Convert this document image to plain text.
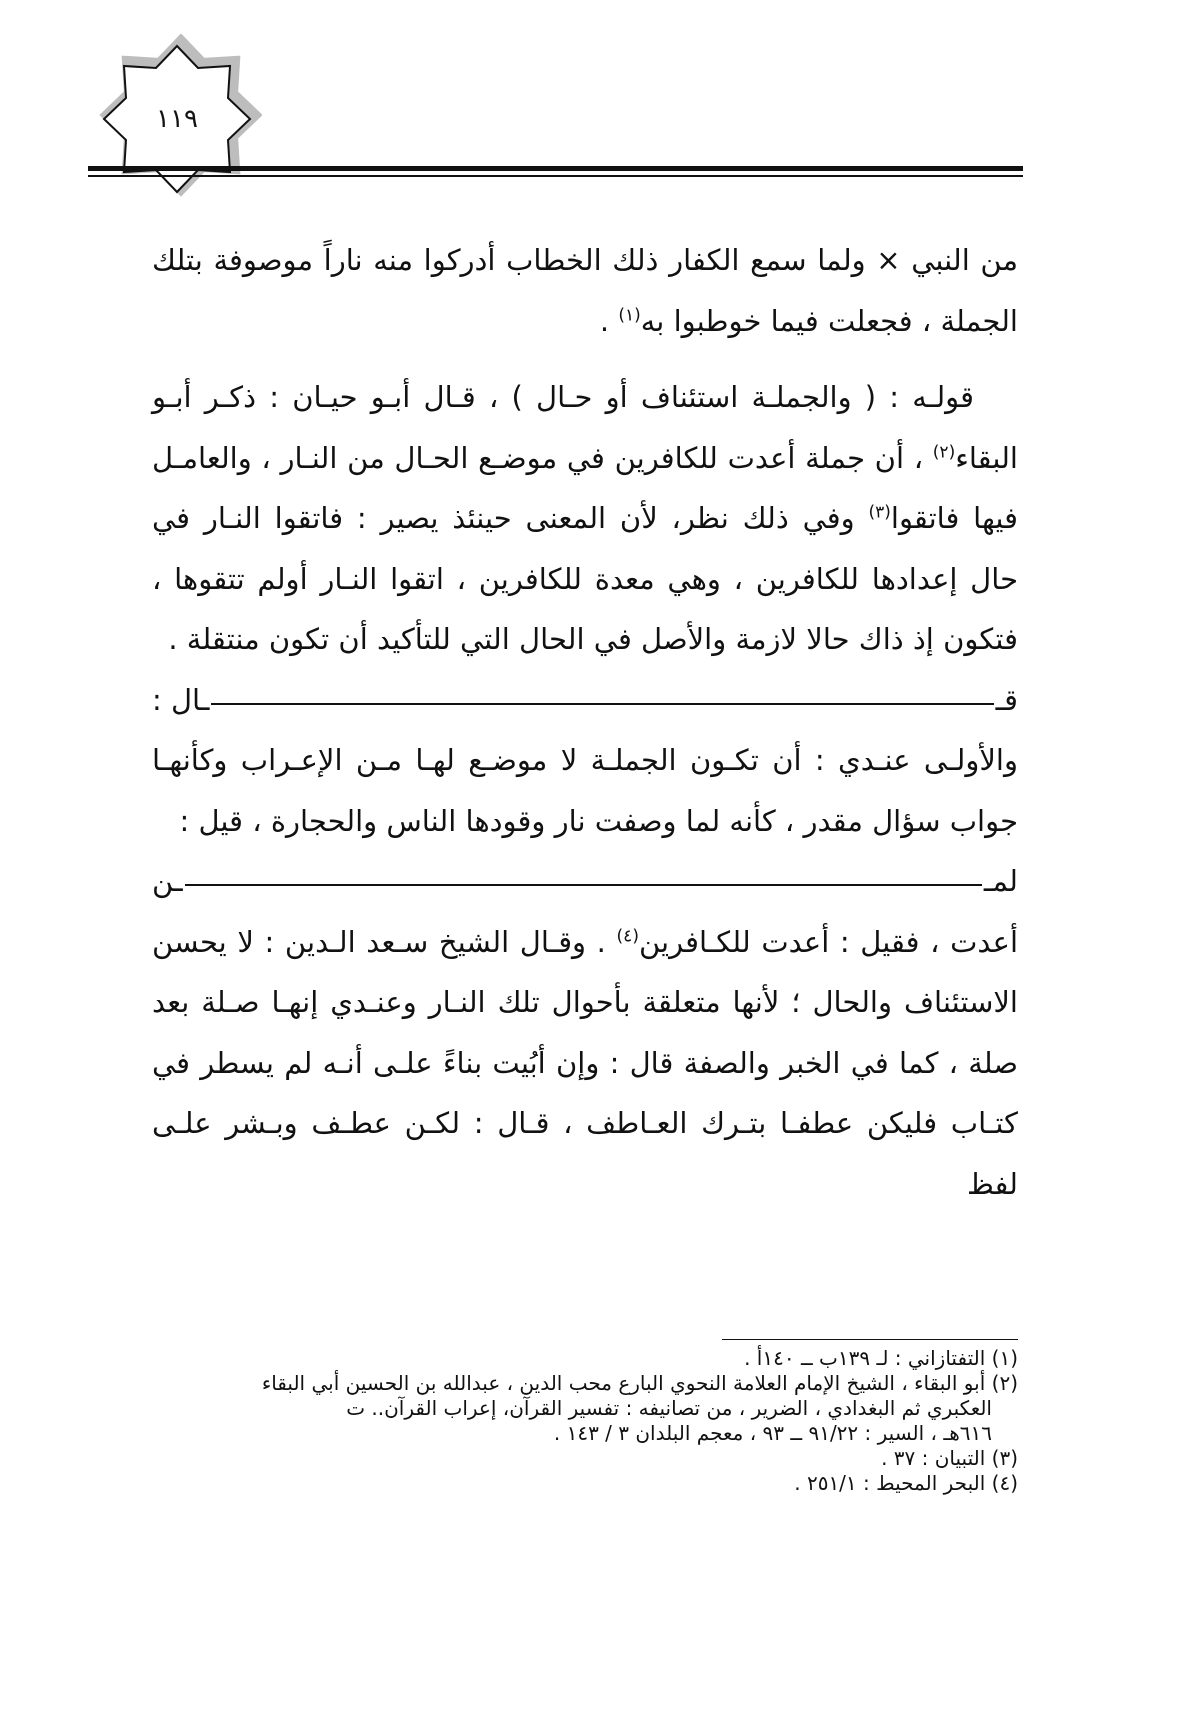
١١٩

من النبي × ولما سمع الكفار ذلك الخطاب أدركوا منه ناراً موصوفة بتلك الجملة ، فجعلت فيما خوطبوا به$^{(١)}$ .

قولـه : ( والجملـة استئناف أو حـال ) ، قـال أبـو حيـان : ذكـر أبـو البقاء$^{(٢)}$ ، أن جملة أعدت للكافرين في موضـع الحـال من النـار ، والعامـل فيها فاتقوا$^{(٣)}$ وفي ذلك نظر، لأن المعنى حينئذ يصير : فاتقوا النـار في حال إعدادها للكافرين ، وهي معدة للكافرين ، اتقوا النـار أولم تتقوها ، فتكون إذ ذاك حالا لازمة والأصل في الحال التي للتأكيد أن تكون منتقلة .

قـ
ـال :

والأولـى عنـدي : أن تكـون الجملـة لا موضـع لهـا مـن الإعـراب وكأنهـا جواب سؤال مقدر ، كأنه لما وصفت نار وقودها الناس والحجارة ، قيل :

لمـ
ـن

أعدت ، فقيل : أعدت للكـافرين$^{(٤)}$ . وقـال الشيخ سـعد الـدين : لا يحسن الاستئناف والحال ؛ لأنها متعلقة بأحوال تلك النـار وعنـدي إنهـا صـلة بعد صلة ، كما في الخبر والصفة قال : وإن أبُيت بناءً علـى أنـه لم يسطر في كتـاب فليكن عطفـا بتـرك العـاطف ، قـال : لكـن عطـف وبـشر علـى لفظ

(١) التفتازاني : لـ ١٣٩ب ــ ١٤٠أ .

(٢) أبو البقاء ، الشيخ الإمام العلامة النحوي البارع محب الدين ، عبدالله بن الحسين أبي البقاء
العكبري ثم البغدادي ، الضرير ، من تصانيفه : تفسير القرآن، إعراب القرآن.. ت
٦١٦هـ ، السير : ٩١/٢٢ ــ ٩٣ ، معجم البلدان ٣ / ١٤٣ .

(٣) التبيان : ٣٧ .

(٤) البحر المحيط : ٢٥١/١ .
